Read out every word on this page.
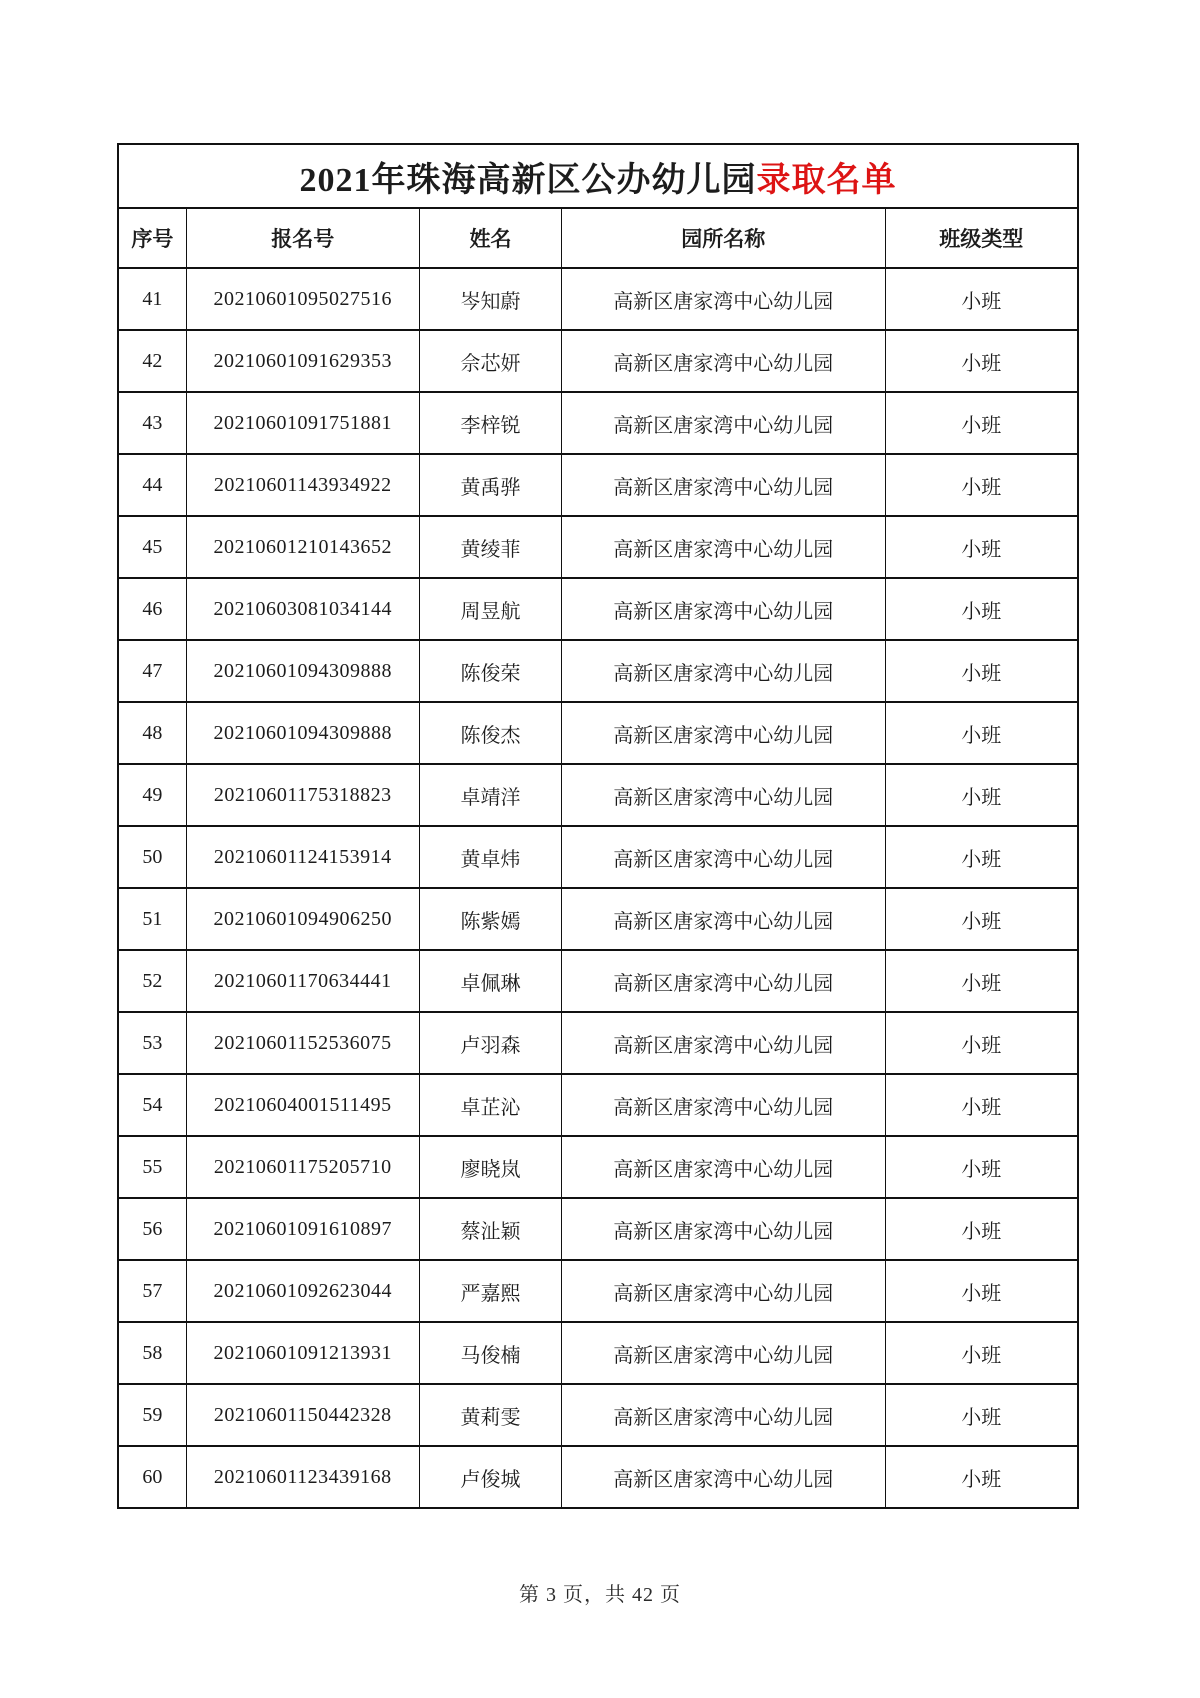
2021年珠海高新区公办幼儿园录取名单				
序号	报名号	姓名	园所名称	班级类型
41	20210601095027516	岑知蔚	高新区唐家湾中心幼儿园	小班
42	20210601091629353	佘芯妍	高新区唐家湾中心幼儿园	小班
43	20210601091751881	李梓锐	高新区唐家湾中心幼儿园	小班
44	20210601143934922	黄禹骅	高新区唐家湾中心幼儿园	小班
45	20210601210143652	黄绫菲	高新区唐家湾中心幼儿园	小班
46	20210603081034144	周昱航	高新区唐家湾中心幼儿园	小班
47	20210601094309888	陈俊荣	高新区唐家湾中心幼儿园	小班
48	20210601094309888	陈俊杰	高新区唐家湾中心幼儿园	小班
49	20210601175318823	卓靖洋	高新区唐家湾中心幼儿园	小班
50	20210601124153914	黄卓炜	高新区唐家湾中心幼儿园	小班
51	20210601094906250	陈紫嫣	高新区唐家湾中心幼儿园	小班
52	20210601170634441	卓佩琳	高新区唐家湾中心幼儿园	小班
53	20210601152536075	卢羽森	高新区唐家湾中心幼儿园	小班
54	20210604001511495	卓芷沁	高新区唐家湾中心幼儿园	小班
55	20210601175205710	廖晓岚	高新区唐家湾中心幼儿园	小班
56	20210601091610897	蔡沚颖	高新区唐家湾中心幼儿园	小班
57	20210601092623044	严嘉熙	高新区唐家湾中心幼儿园	小班
58	20210601091213931	马俊楠	高新区唐家湾中心幼儿园	小班
59	20210601150442328	黄莉雯	高新区唐家湾中心幼儿园	小班
60	20210601123439168	卢俊城	高新区唐家湾中心幼儿园	小班
第 3 页，共 42 页
